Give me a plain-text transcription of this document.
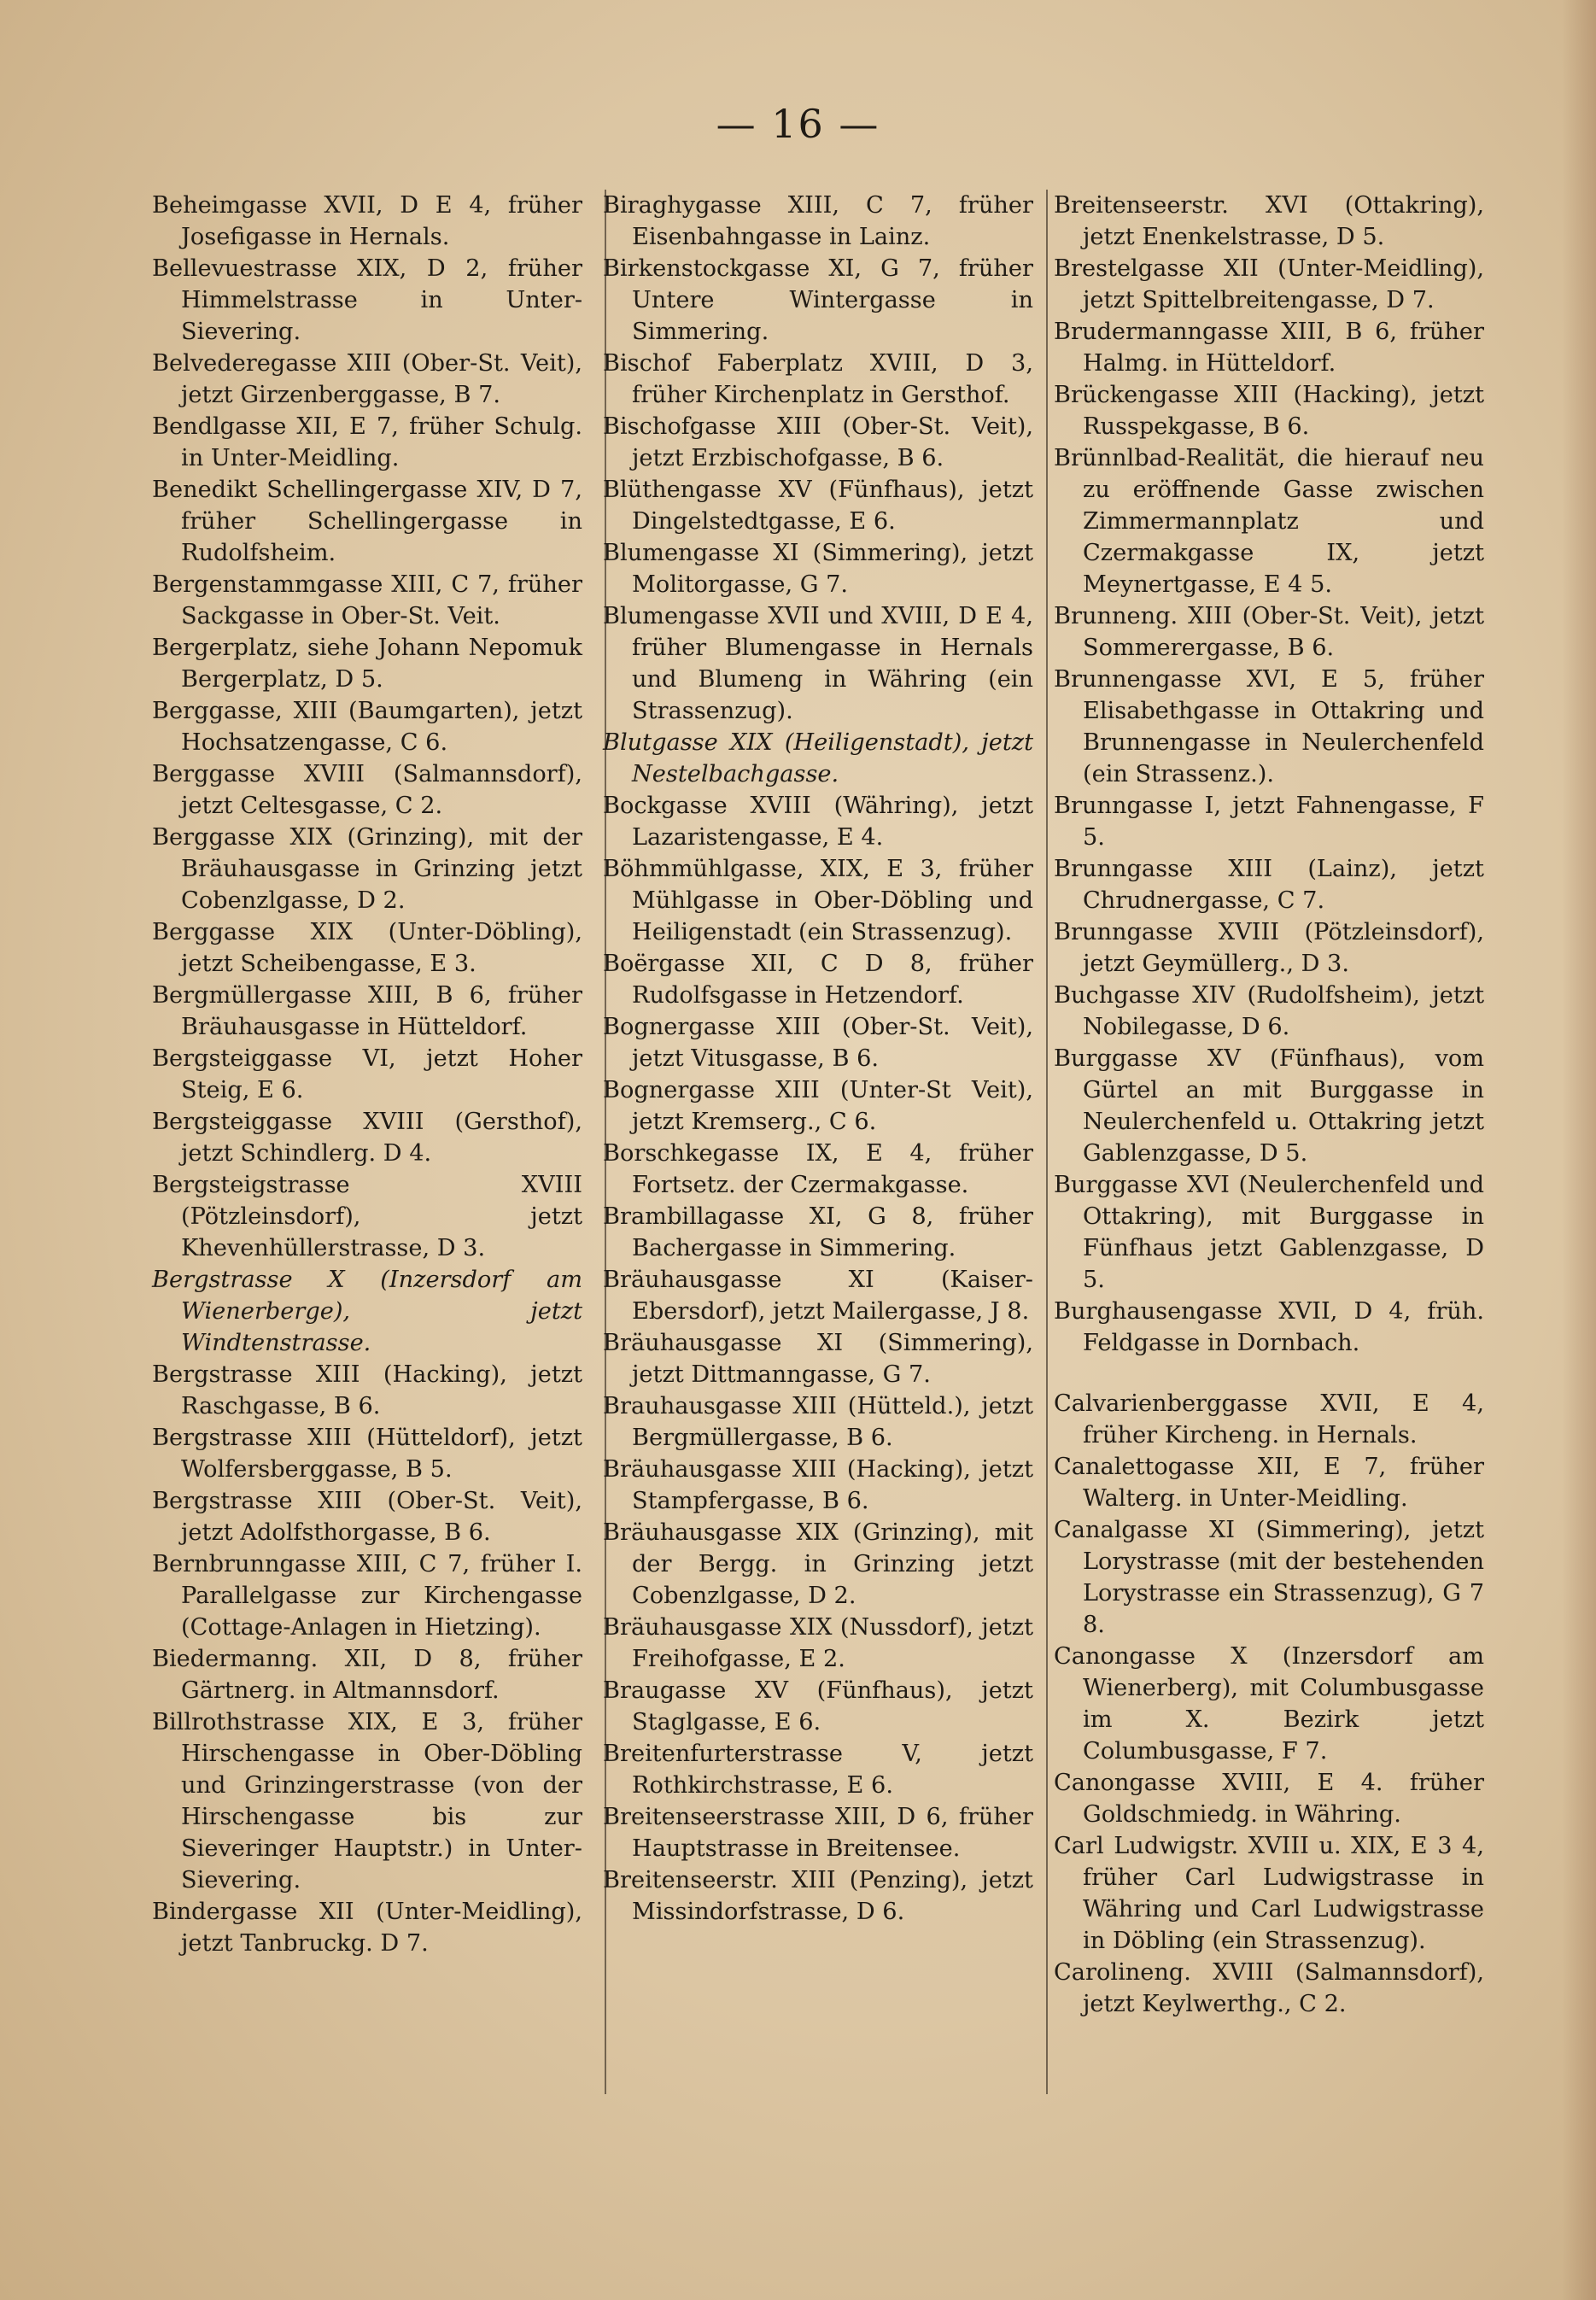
— 16 —

Beheimgasse XVII, D E 4, früher Josefigasse in Hernals.

Bellevuestrasse XIX, D 2, früher Himmelstrasse in Unter-Sievering.

Belvederegasse XIII (Ober-St. Veit), jetzt Girzenberggasse, B 7.

Bendlgasse XII, E 7, früher Schulg. in Unter-Meidling.

Benedikt Schellingergasse XIV, D 7, früher Schellingergasse in Rudolfsheim.

Bergenstammgasse XIII, C 7, früher Sackgasse in Ober-St. Veit.

Bergerplatz, siehe Johann Nepomuk Bergerplatz, D 5.

Berggasse, XIII (Baumgarten), jetzt Hochsatzengasse, C 6.

Berggasse XVIII (Salmannsdorf), jetzt Celtesgasse, C 2.

Berggasse XIX (Grinzing), mit der Bräuhausgasse in Grinzing jetzt Cobenzlgasse, D 2.

Berggasse XIX (Unter-Döbling), jetzt Scheibengasse, E 3.

Bergmüllergasse XIII, B 6, früher Bräuhausgasse in Hütteldorf.

Bergsteiggasse VI, jetzt Hoher Steig, E 6.

Bergsteiggasse XVIII (Gersthof), jetzt Schindlerg. D 4.

Bergsteigstrasse XVIII (Pötzleinsdorf), jetzt Khevenhüllerstrasse, D 3.

Bergstrasse X (Inzersdorf am Wienerberge), jetzt Windtenstrasse.

Bergstrasse XIII (Hacking), jetzt Raschgasse, B 6.

Bergstrasse XIII (Hütteldorf), jetzt Wolfersberggasse, B 5.

Bergstrasse XIII (Ober-St. Veit), jetzt Adolfsthorgasse, B 6.

Bernbrunngasse XIII, C 7, früher I. Parallelgasse zur Kirchengasse (Cottage-Anlagen in Hietzing).

Biedermanng. XII, D 8, früher Gärtnerg. in Altmannsdorf.

Billrothstrasse XIX, E 3, früher Hirschengasse in Ober-Döbling und Grinzingerstrasse (von der Hirschengasse bis zur Sieveringer Hauptstr.) in Unter-Sievering.

Bindergasse XII (Unter-Meidling), jetzt Tanbruckg. D 7.

Biraghygasse XIII, C 7, früher Eisenbahngasse in Lainz.

Birkenstockgasse XI, G 7, früher Untere Wintergasse in Simmering.

Bischof Faberplatz XVIII, D 3, früher Kirchenplatz in Gersthof.

Bischofgasse XIII (Ober-St. Veit), jetzt Erzbischofgasse, B 6.

Blüthengasse XV (Fünfhaus), jetzt Dingelstedtgasse, E 6.

Blumengasse XI (Simmering), jetzt Molitorgasse, G 7.

Blumengasse XVII und XVIII, D E 4, früher Blumengasse in Hernals und Blumeng in Währing (ein Strassenzug).

Blutgasse XIX (Heiligenstadt), jetzt Nestelbachgasse.

Bockgasse XVIII (Währing), jetzt Lazaristengasse, E 4.

Böhmmühlgasse, XIX, E 3, früher Mühlgasse in Ober-Döbling und Heiligenstadt (ein Strassenzug).

Boërgasse XII, C D 8, früher Rudolfsgasse in Hetzendorf.

Bognergasse XIII (Ober-St. Veit), jetzt Vitusgasse, B 6.

Bognergasse XIII (Unter-St Veit), jetzt Kremserg., C 6.

Borschkegasse IX, E 4, früher Fortsetz. der Czermakgasse.

Brambillagasse XI, G 8, früher Bachergasse in Simmering.

Bräuhausgasse XI (Kaiser-Ebersdorf), jetzt Mailergasse, J 8.

Bräuhausgasse XI (Simmering), jetzt Dittmanngasse, G 7.

Brauhausgasse XIII (Hütteld.), jetzt Bergmüllergasse, B 6.

Bräuhausgasse XIII (Hacking), jetzt Stampfergasse, B 6.

Bräuhausgasse XIX (Grinzing), mit der Bergg. in Grinzing jetzt Cobenzlgasse, D 2.

Bräuhausgasse XIX (Nussdorf), jetzt Freihofgasse, E 2.

Braugasse XV (Fünfhaus), jetzt Staglgasse, E 6.

Breitenfurterstrasse V, jetzt Rothkirchstrasse, E 6.

Breitenseerstrasse XIII, D 6, früher Hauptstrasse in Breitensee.

Breitenseerstr. XIII (Penzing), jetzt Missindorfstrasse, D 6.

Breitenseerstr. XVI (Ottakring), jetzt Enenkelstrasse, D 5.

Brestelgasse XII (Unter-Meidling), jetzt Spittelbreitengasse, D 7.

Brudermanngasse XIII, B 6, früher Halmg. in Hütteldorf.

Brückengasse XIII (Hacking), jetzt Russpekgasse, B 6.

Brünnlbad-Realität, die hierauf neu zu eröffnende Gasse zwischen Zimmermannplatz und Czermakgasse IX, jetzt Meynertgasse, E 4 5.

Brunneng. XIII (Ober-St. Veit), jetzt Sommerergasse, B 6.

Brunnengasse XVI, E 5, früher Elisabethgasse in Ottakring und Brunnengasse in Neulerchenfeld (ein Strassenz.).

Brunngasse I, jetzt Fahnengasse, F 5.

Brunngasse XIII (Lainz), jetzt Chrudnergasse, C 7.

Brunngasse XVIII (Pötzleinsdorf), jetzt Geymüllerg., D 3.

Buchgasse XIV (Rudolfsheim), jetzt Nobilegasse, D 6.

Burggasse XV (Fünfhaus), vom Gürtel an mit Burggasse in Neulerchenfeld u. Ottakring jetzt Gablenzgasse, D 5.

Burggasse XVI (Neulerchenfeld und Ottakring), mit Burggasse in Fünfhaus jetzt Gablenzgasse, D 5.

Burghausengasse XVII, D 4, früh. Feldgasse in Dornbach.

Calvarienberggasse XVII, E 4, früher Kircheng. in Hernals.

Canalettogasse XII, E 7, früher Walterg. in Unter-Meidling.

Canalgasse XI (Simmering), jetzt Lorystrasse (mit der bestehenden Lorystrasse ein Strassenzug), G 7 8.

Canongasse X (Inzersdorf am Wienerberg), mit Columbusgasse im X. Bezirk jetzt Columbusgasse, F 7.

Canongasse XVIII, E 4. früher Goldschmiedg. in Währing.

Carl Ludwigstr. XVIII u. XIX, E 3 4, früher Carl Ludwigstrasse in Währing und Carl Ludwigstrasse in Döbling (ein Strassenzug).

Carolineng. XVIII (Salmannsdorf), jetzt Keylwerthg., C 2.
